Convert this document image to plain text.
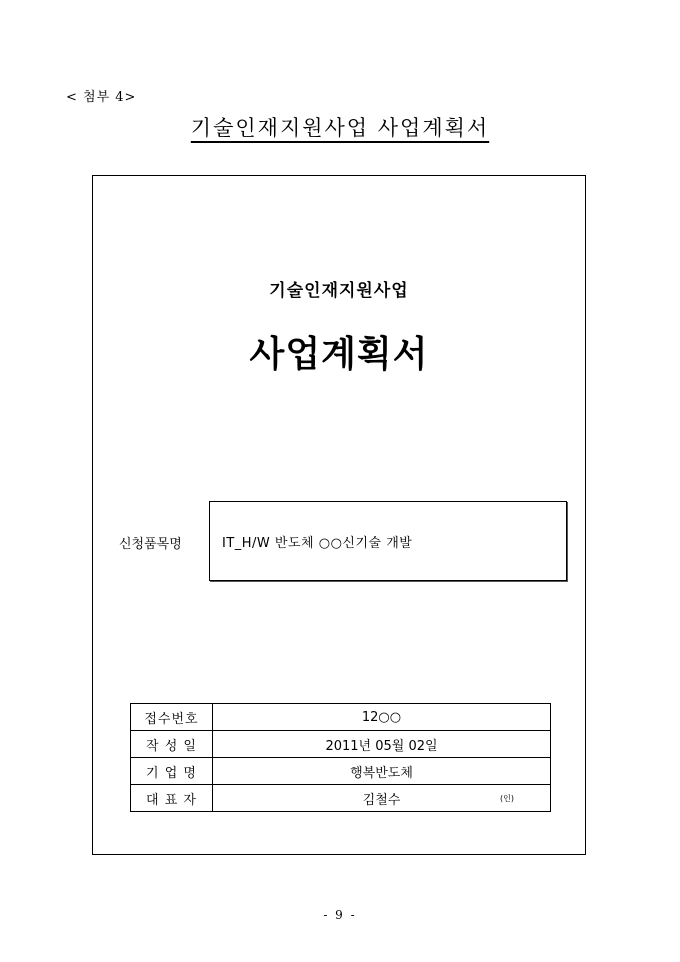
< 첨부 4>
기술인재지원사업 사업계획서
기술인재지원사업
사업계획서
신청품목명	IT_H/W 반도체 ○○신기술 개발
접수번호	12○○
작 성 일	2011년 05월 02일
기 업 명	행복반도체
대 표 자	김철수 (인)
- 9 -
